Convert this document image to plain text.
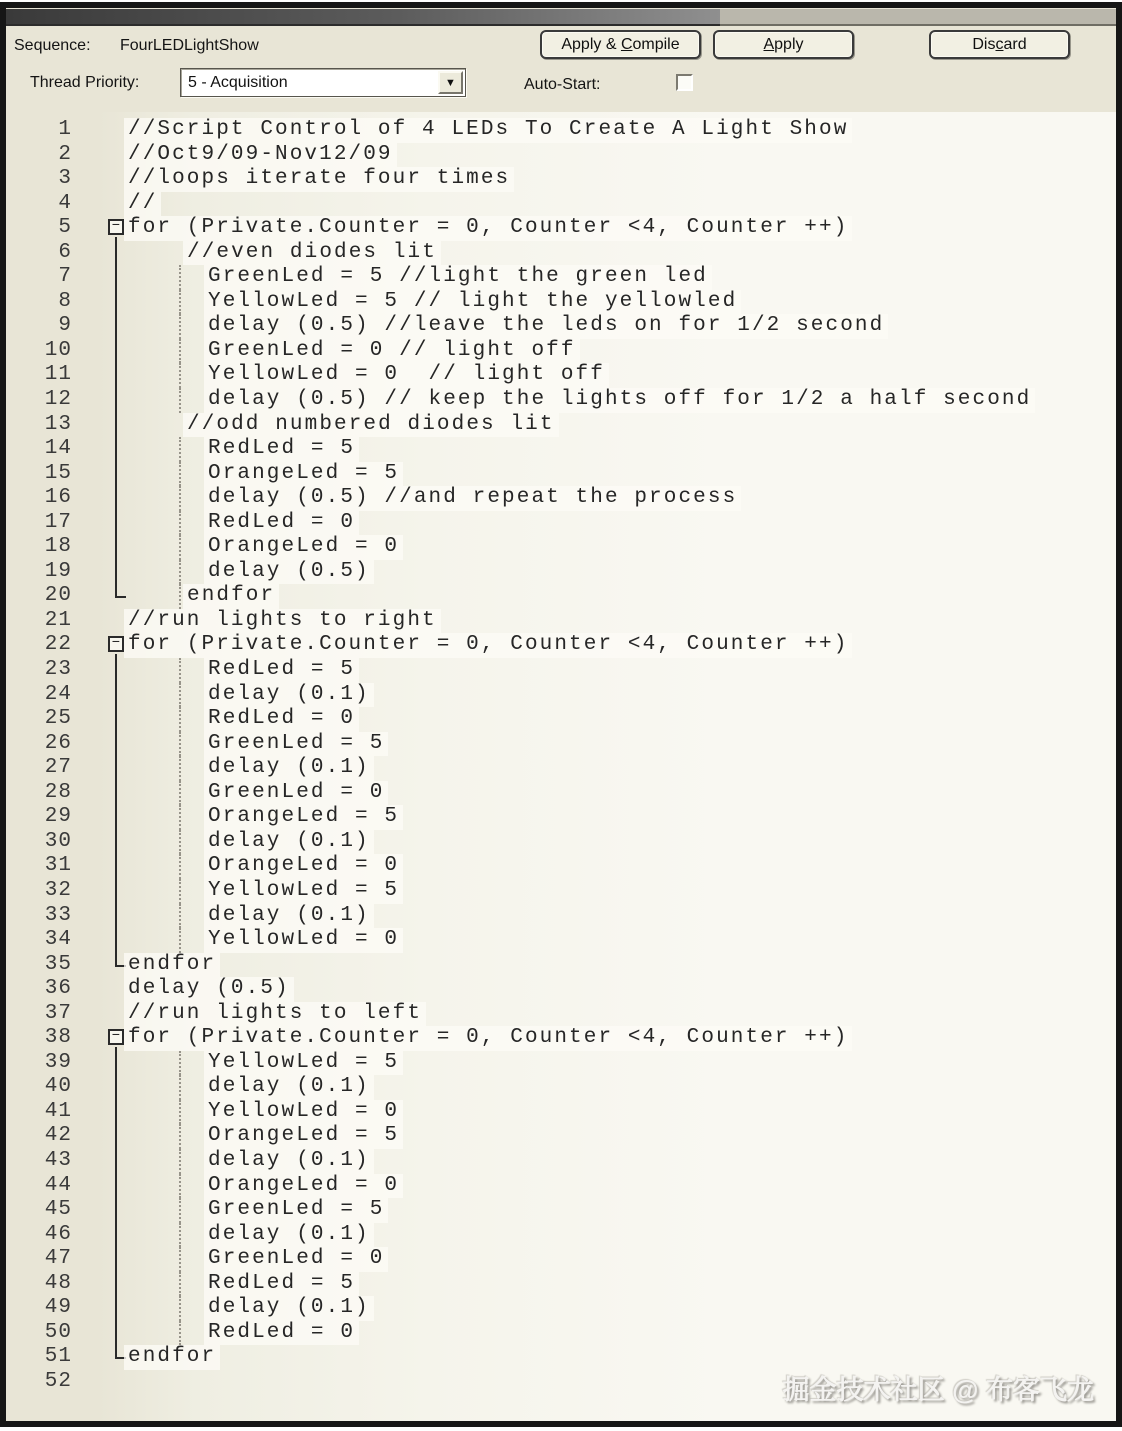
Sequence: FourLEDLightShow	Apply & C ompile	A pply	Dis c ard
Thread Priority:	5 - Acquisition	▼	Auto-Start:
1	//Script Control of 4 LEDs To Create A Light Show
2	//Oct9/09-Nov12/09
3	//loops iterate four times
4	//
5	− for (Private.Counter = 0, Counter <4, Counter ++)
6	//even diodes lit
7	GreenLed = 5 //light the green led
8	YellowLed = 5 // light the yellowled
9	delay (0.5) //leave the leds on for 1/2 second
10	GreenLed = 0 // light off
11	YellowLed = 0  // light off
12	delay (0.5) // keep the lights off for 1/2 a half second
13	//odd numbered diodes lit
14	RedLed = 5
15	OrangeLed = 5
16	delay (0.5) //and repeat the process
17	RedLed = 0
18	OrangeLed = 0
19	delay (0.5)
20	endfor
21	//run lights to right
22	− for (Private.Counter = 0, Counter <4, Counter ++)
23	RedLed = 5
24	delay (0.1)
25	RedLed = 0
26	GreenLed = 5
27	delay (0.1)
28	GreenLed = 0
29	OrangeLed = 5
30	delay (0.1)
31	OrangeLed = 0
32	YellowLed = 5
33	delay (0.1)
34	YellowLed = 0
35	endfor
36	delay (0.5)
37	//run lights to left
38	− for (Private.Counter = 0, Counter <4, Counter ++)
39	YellowLed = 5
40	delay (0.1)
41	YellowLed = 0
42	OrangeLed = 5
43	delay (0.1)
44	OrangeLed = 0
45	GreenLed = 5
46	delay (0.1)
47	GreenLed = 0
48	RedLed = 5
49	delay (0.1)
50	RedLed = 0
51	endfor
52	掘金技术社区 @ 布客飞龙
